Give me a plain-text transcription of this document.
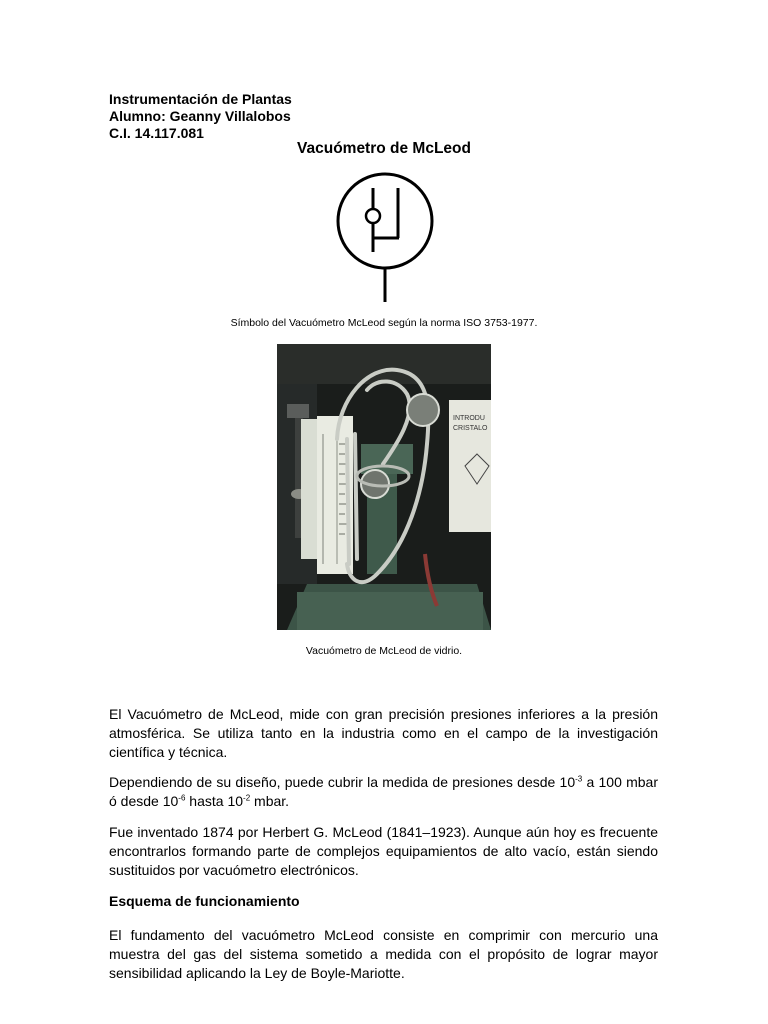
Instrumentación de Plantas
Alumno: Geanny Villalobos
C.I. 14.117.081
Vacuómetro de McLeod
Símbolo del Vacuómetro McLeod según la norma ISO 3753-1977.
INTRODU
CRISTALO
Vacuómetro de McLeod de vidrio.
El Vacuómetro de McLeod, mide con gran precisión presiones inferiores a la presión atmosférica. Se utiliza tanto en la industria como en el campo de la investigación científica y técnica.
Dependiendo de su diseño, puede cubrir la medida de presiones desde $10^{-3}$ a 100 mbar ó desde $10^{-6}$ hasta $10^{-2}$ mbar.
Fue inventado 1874 por Herbert G. McLeod (1841–1923). Aunque aún hoy es frecuente encontrarlos formando parte de complejos equipamientos de alto vacío, están siendo sustituidos por vacuómetro electrónicos.
Esquema de funcionamiento
El fundamento del vacuómetro McLeod consiste en comprimir con mercurio una muestra del gas del sistema sometido a medida con el propósito de lograr mayor sensibilidad aplicando la Ley de Boyle-Mariotte.
